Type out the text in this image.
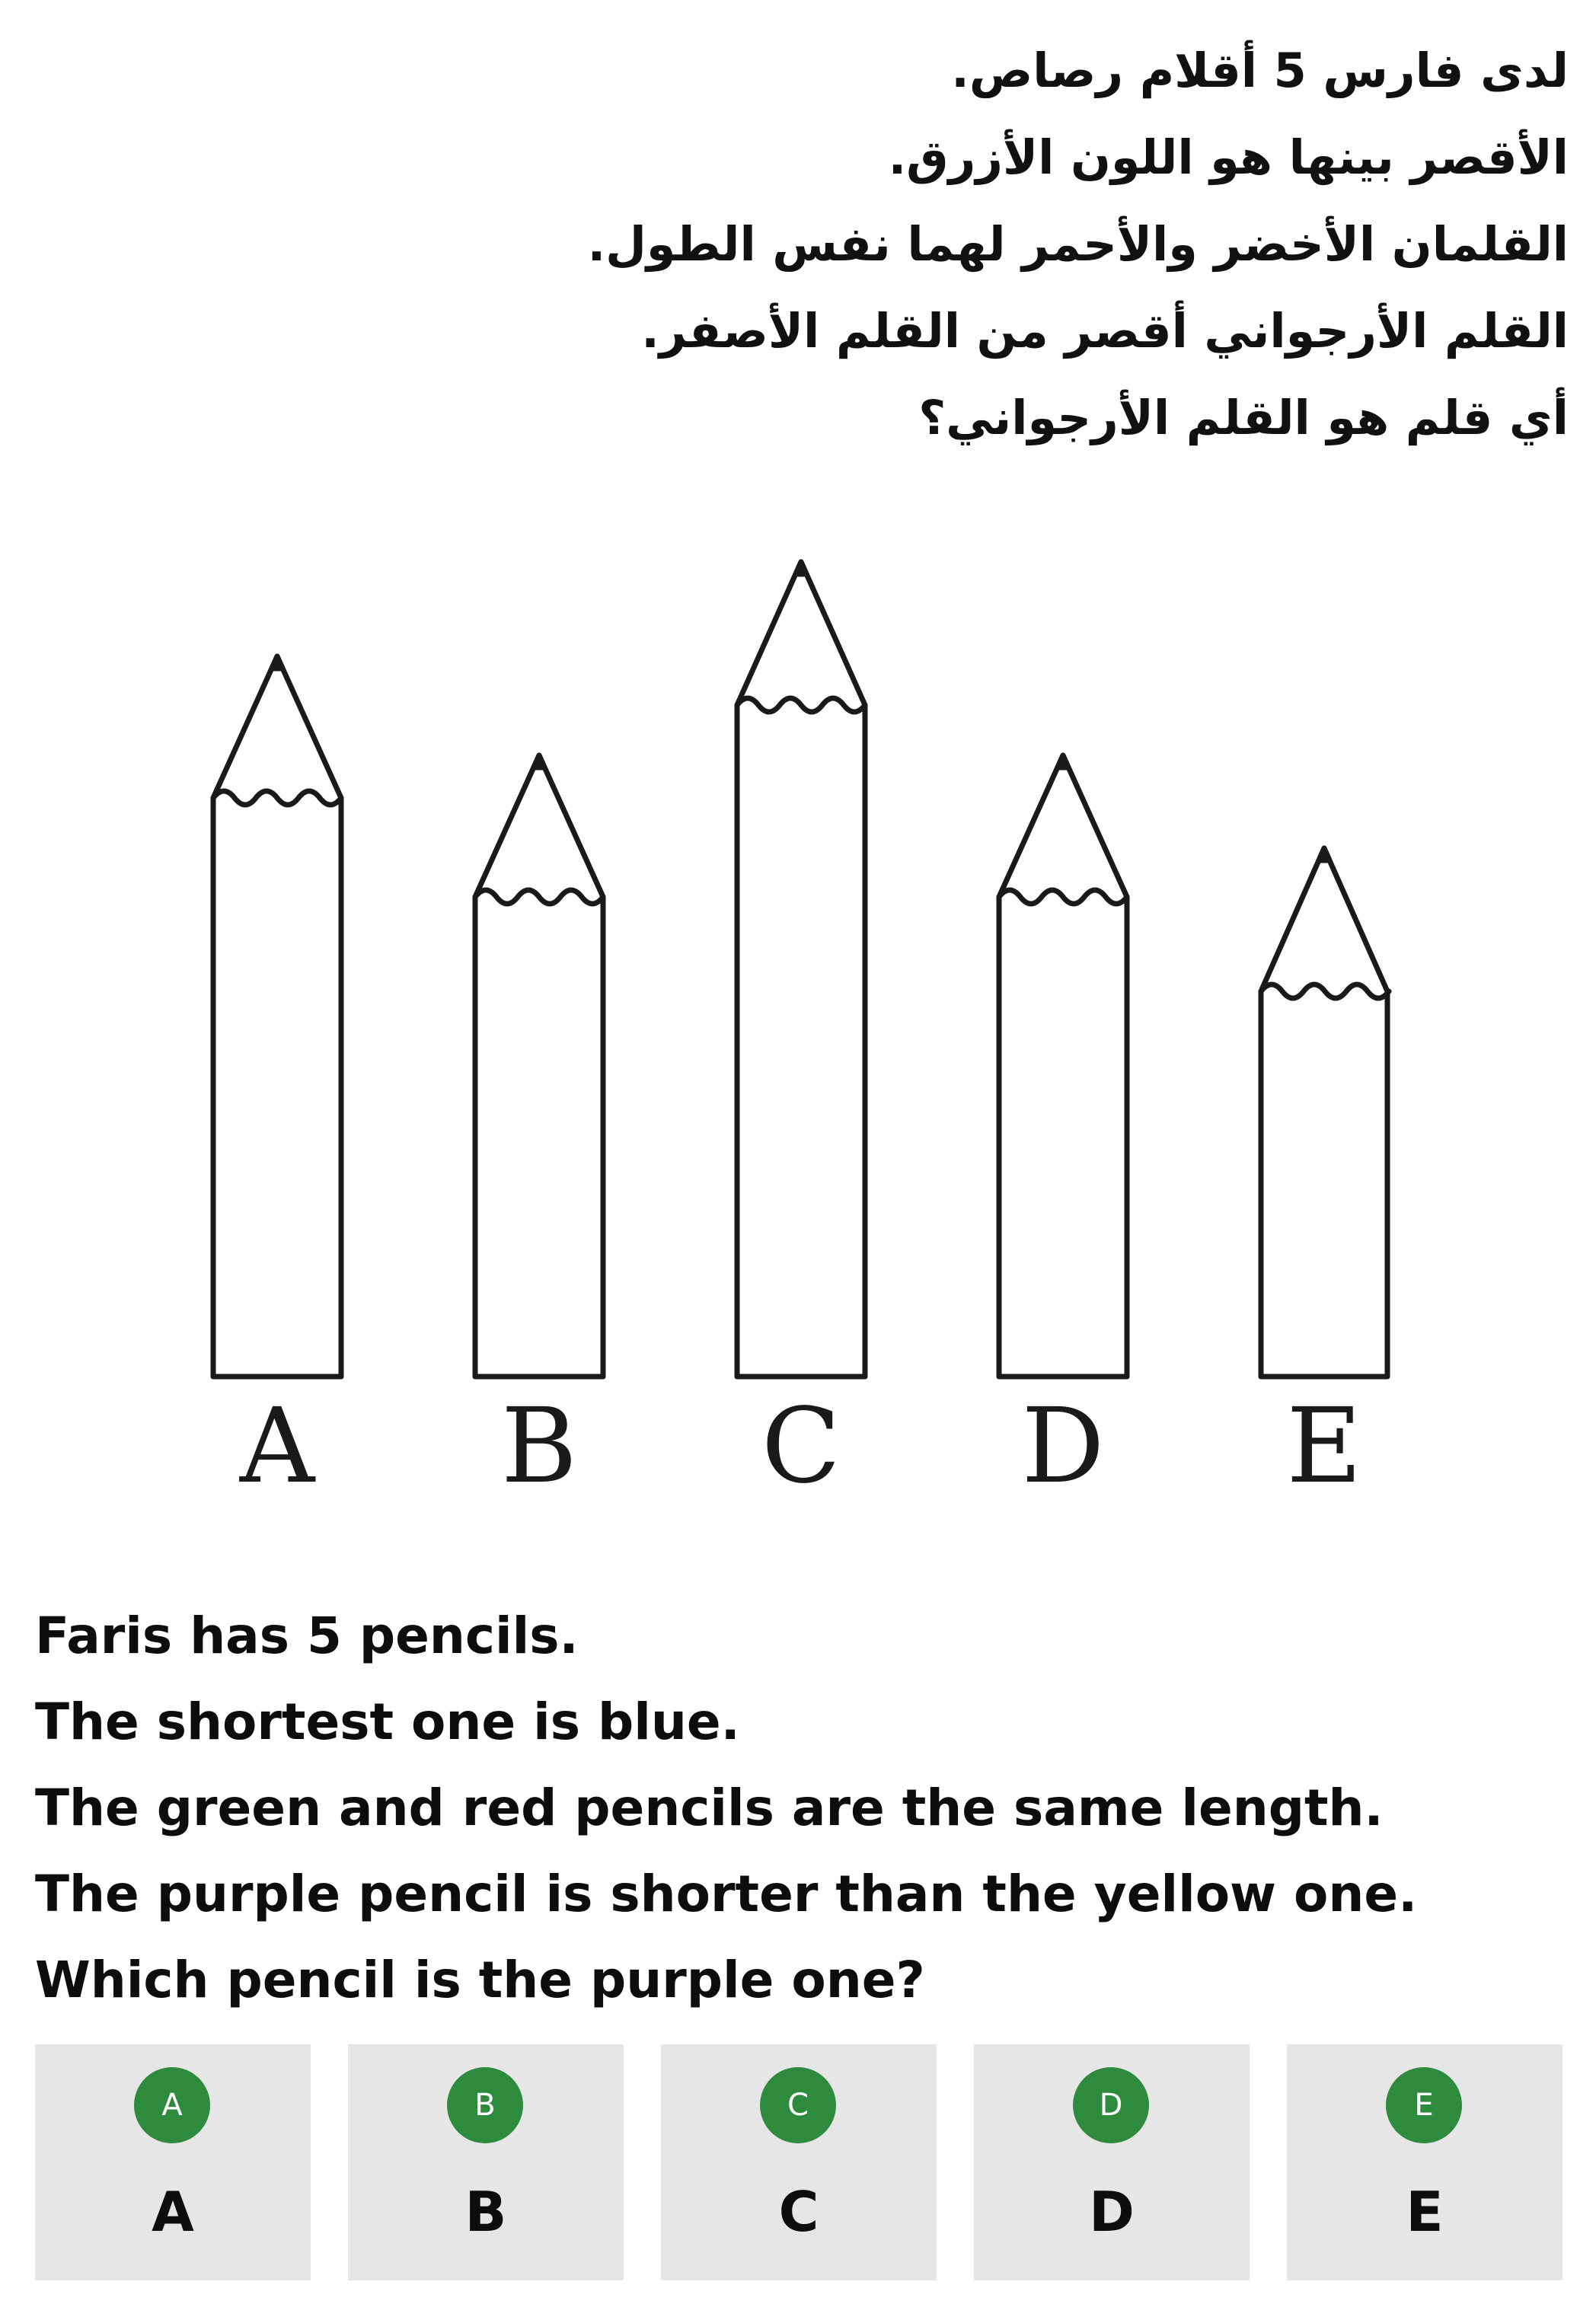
لدى فارس 5 أقلام رصاص.
الأقصر بينها هو اللون الأزرق.
القلمان الأخضر والأحمر لهما نفس الطول.
القلم الأرجواني أقصر من القلم الأصفر.
أي قلم هو القلم الأرجواني؟
A B C D E
Faris has 5 pencils.
The shortest one is blue.
The green and red pencils are the same length.
The purple pencil is shorter than the yellow one.
Which pencil is the purple one?
A
A
B
B
C
C
D
D
E
E
